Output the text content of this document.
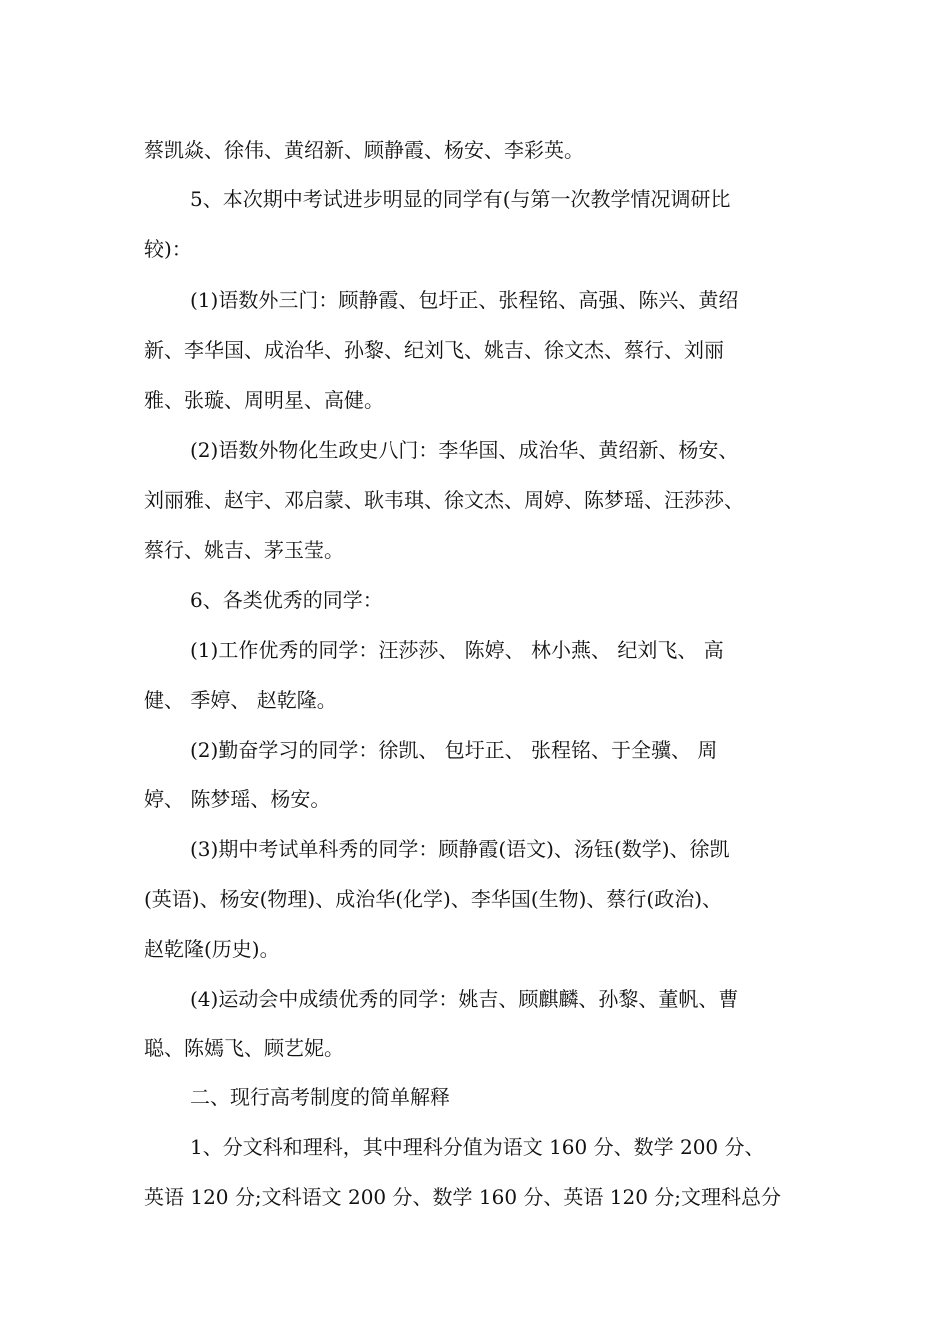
蔡凯焱、徐伟、黄绍新、顾静霞、杨安、李彩英。
5、本次期中考试进步明显的同学有(与第一次教学情况调研比
较)：
(1)语数外三门：顾静霞、包圩正、张程铭、高强、陈兴、黄绍
新、李华国、成治华、孙黎、纪刘飞、姚吉、徐文杰、蔡行、刘丽
雅、张璇、周明星、高健。
(2)语数外物化生政史八门：李华国、成治华、黄绍新、杨安、
刘丽雅、赵宇、邓启蒙、耿韦琪、徐文杰、周婷、陈梦瑶、汪莎莎、
蔡行、姚吉、茅玉莹。
6、各类优秀的同学：
(1)工作优秀的同学：汪莎莎、 陈婷、 林小燕、 纪刘飞、 高
健、 季婷、 赵乾隆。
(2)勤奋学习的同学：徐凯、 包圩正、 张程铭、于全骥、 周
婷、 陈梦瑶、杨安。
(3)期中考试单科秀的同学：顾静霞(语文)、汤钰(数学)、徐凯
(英语)、杨安(物理)、成治华(化学)、李华国(生物)、蔡行(政治)、
赵乾隆(历史)。
(4)运动会中成绩优秀的同学：姚吉、顾麒麟、孙黎、董帆、曹
聪、陈嫣飞、顾艺妮。
二、现行高考制度的简单解释
1、分文科和理科，其中理科分值为语文 160 分、数学 200 分、
英语 120 分;文科语文 200 分、数学 160 分、英语 120 分;文理科总分
